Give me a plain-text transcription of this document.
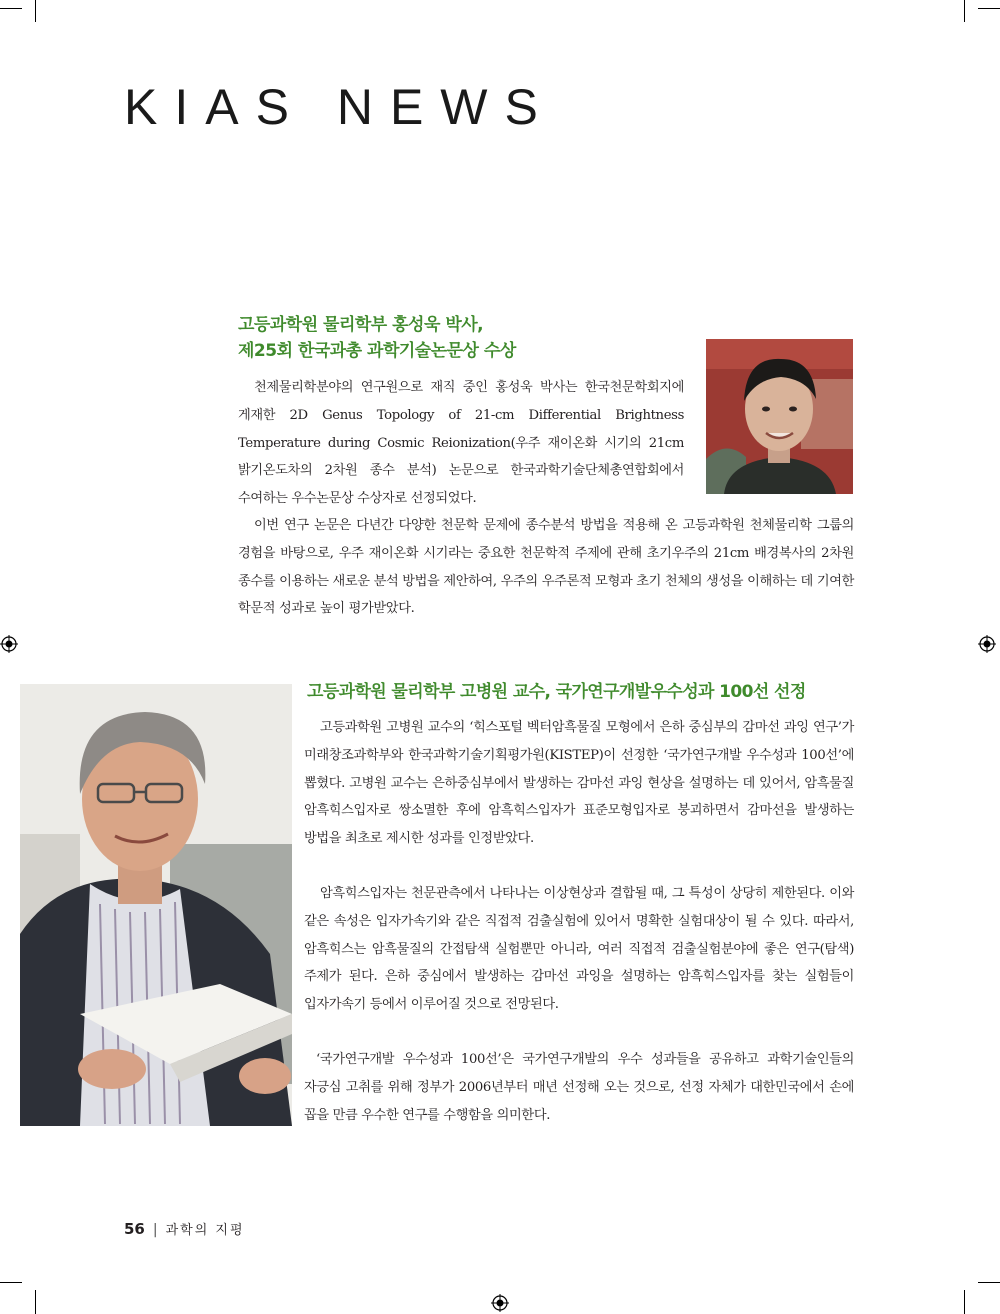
KIAS NEWS
고등과학원 물리학부 홍성욱 박사,
제25회 한국과총 과학기술논문상 수상

천제물리학분야의 연구원으로 재직 중인 홍성욱 박사는 한국천문학회지에 게재한 2D Genus Topology of 21-cm Differential Brightness Temperature during Cosmic Reionization(우주 재이온화 시기의 21cm 밝기온도차의 2차원 종수 분석) 논문으로 한국과학기술단체총연합회에서 수여하는 우수논문상 수상자로 선정되었다.

이번 연구 논문은 다년간 다양한 천문학 문제에 종수분석 방법을 적용해 온 고등과학원 천체물리학 그룹의 경험을 바탕으로, 우주 재이온화 시기라는 중요한 천문학적 주제에 관해 초기우주의 21cm 배경복사의 2차원 종수를 이용하는 새로운 분석 방법을 제안하여, 우주의 우주론적 모형과 초기 천체의 생성을 이해하는 데 기여한 학문적 성과로 높이 평가받았다.

고등과학원 물리학부 고병원 교수, 국가연구개발우수성과 100선 선정

고등과학원 고병원 교수의 ‘힉스포털 벡터암흑물질 모형에서 은하 중심부의 감마선 과잉 연구’가 미래창조과학부와 한국과학기술기획평가원(KISTEP)이 선정한 ‘국가연구개발 우수성과 100선’에 뽑혔다. 고병원 교수는 은하중심부에서 발생하는 감마선 과잉 현상을 설명하는 데 있어서, 암흑물질 암흑힉스입자로 쌍소멸한 후에 암흑힉스입자가 표준모형입자로 붕괴하면서 감마선을 발생하는 방법을 최초로 제시한 성과를 인정받았다.

암흑힉스입자는 천문관측에서 나타나는 이상현상과 결합될 때, 그 특성이 상당히 제한된다. 이와 같은 속성은 입자가속기와 같은 직접적 검출실험에 있어서 명확한 실험대상이 될 수 있다. 따라서, 암흑힉스는 암흑물질의 간접탐색 실험뿐만 아니라, 여러 직접적 검출실험분야에 좋은 연구(탐색) 주제가 된다. 은하 중심에서 발생하는 감마선 과잉을 설명하는 암흑힉스입자를 찾는 실험들이 입자가속기 등에서 이루어질 것으로 전망된다.

‘국가연구개발 우수성과 100선’은 국가연구개발의 우수 성과들을 공유하고 과학기술인들의 자긍심 고취를 위해 정부가 2006년부터 매년 선정해 오는 것으로, 선정 자체가 대한민국에서 손에 꼽을 만큼 우수한 연구를 수행함을 의미한다.

56 | 과학의 지평
